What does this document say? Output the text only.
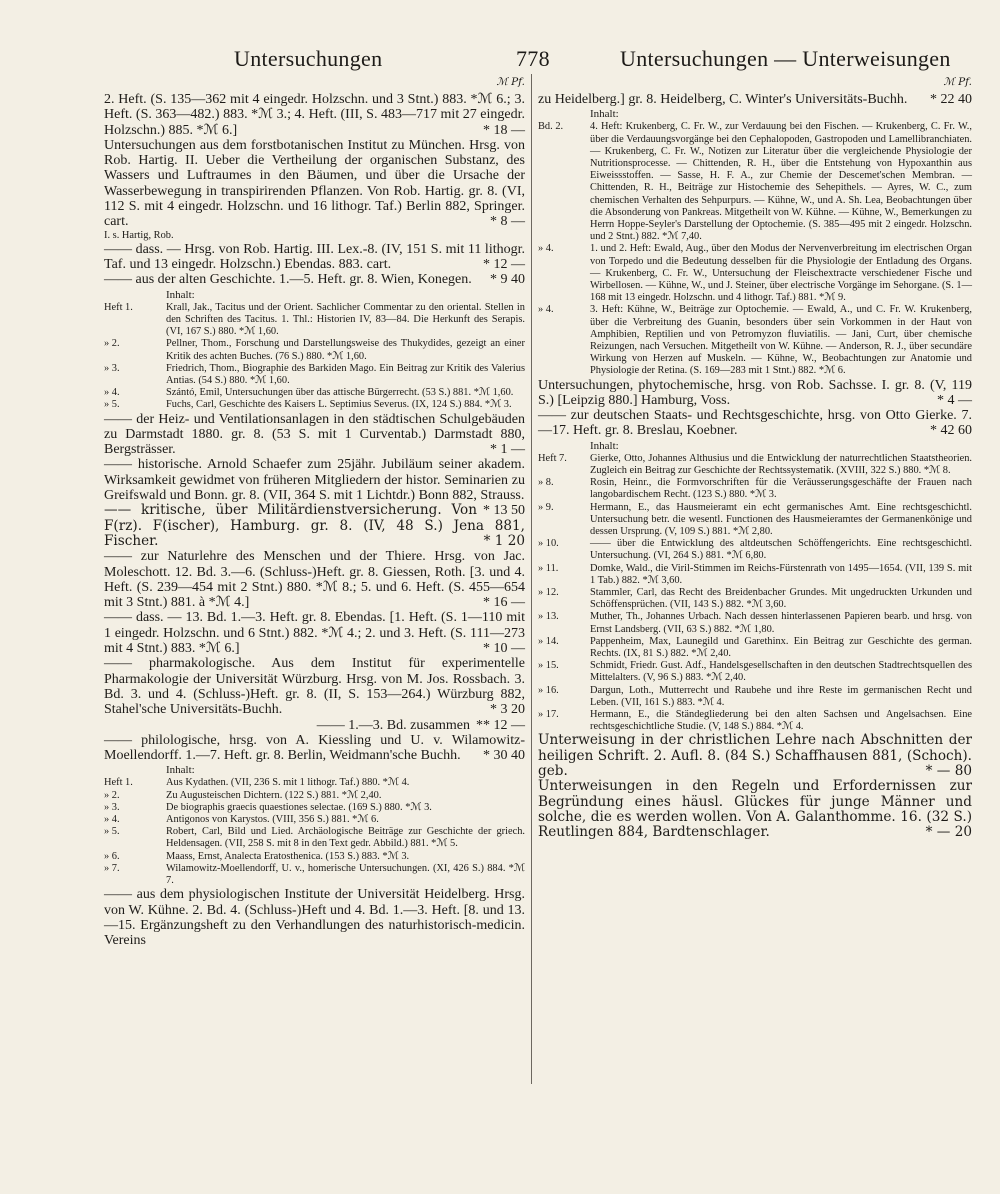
Untersuchungen	778	Untersuchungen — Unterweisungen
ℳ Pf.

2. Heft. (S. 135—362 mit 4 eingedr. Holzschn. und 3 Stnt.) 883. *ℳ 6.; 3. Heft. (S. 363—482.) 883. *ℳ 3.; 4. Heft. (III, S. 483—717 mit 27 eingedr. Holzschn.) 885. *ℳ 6.]	* 18 —

Untersuchungen aus dem forstbotanischen Institut zu München. Hrsg. von Rob. Hartig. II. Ueber die Vertheilung der organischen Substanz, des Wassers und Luftraumes in den Bäumen, und über die Ursache der Wasserbewegung in transpirirenden Pflanzen. Von Rob. Hartig. gr. 8. (VI, 112 S. mit 4 eingedr. Holzschn. und 16 lithogr. Taf.) Berlin 882, Springer. cart.	* 8 —

I. s. Hartig, Rob.

—— dass. — Hrsg. von Rob. Hartig. III. Lex.-8. (IV, 151 S. mit 11 lithogr. Taf. und 13 eingedr. Holzschn.) Ebendas. 883. cart.	* 12 —

—— aus der alten Geschichte. 1.—5. Heft. gr. 8. Wien, Konegen. * 9 40

Inhalt:

Heft 1.	Krall, Jak., Tacitus und der Orient. Sachlicher Commentar zu den oriental. Stellen in den Schriften des Tacitus. 1. Thl.: Historien IV, 83—84. Die Herkunft des Serapis. (VI, 167 S.) 880. *ℳ 1,60.

» 2.	Pellner, Thom., Forschung und Darstellungsweise des Thukydides, gezeigt an einer Kritik des achten Buches. (76 S.) 880. *ℳ 1,60.

» 3.	Friedrich, Thom., Biographie des Barkiden Mago. Ein Beitrag zur Kritik des Valerius Antias. (54 S.) 880. *ℳ 1,60.

» 4.	Szántó, Emil, Untersuchungen über das attische Bürgerrecht. (53 S.) 881. *ℳ 1,60.

» 5.	Fuchs, Carl, Geschichte des Kaisers L. Septimius Severus. (IX, 124 S.) 884. *ℳ 3.

—— der Heiz- und Ventilationsanlagen in den städtischen Schulgebäuden zu Darmstadt 1880. gr. 8. (53 S. mit 1 Curventab.) Darmstadt 880, Bergsträsser.	* 1 —

—— historische. Arnold Schaefer zum 25jähr. Jubiläum seiner akadem. Wirksamkeit gewidmet von früheren Mitgliedern der histor. Seminarien zu Greifswald und Bonn. gr. 8. (VII, 364 S. mit 1 Lichtdr.) Bonn 882, Strauss.
* 13 50

—— kritische, über Militärdienstversicherung. Von F(rz). F(ischer), Hamburg. gr. 8. (IV, 48 S.) Jena 881, Fischer.	* 1 20

—— zur Naturlehre des Menschen und der Thiere. Hrsg. von Jac. Moleschott. 12. Bd. 3.—6. (Schluss-)Heft. gr. 8. Giessen, Roth. [3. und 4. Heft. (S. 239—454 mit 2 Stnt.) 880. *ℳ 8.; 5. und 6. Heft. (S. 455—654 mit 3 Stnt.) 881. à *ℳ 4.]	* 16 —

—— dass. — 13. Bd. 1.—3. Heft. gr. 8. Ebendas. [1. Heft. (S. 1—110 mit 1 eingedr. Holzschn. und 6 Stnt.) 882. *ℳ 4.; 2. und 3. Heft. (S. 111—273 mit 4 Stnt.) 883. *ℳ 6.]	* 10 —

—— pharmakologische. Aus dem Institut für experimentelle Pharmakologie der Universität Würzburg. Hrsg. von M. Jos. Rossbach. 3. Bd. 3. und 4. (Schluss-)Heft. gr. 8. (II, S. 153—264.) Würzburg 882, Stahel'sche Universitäts-Buchh.	* 3 20

—— 1.—3. Bd. zusammen ** 12 —

—— philologische, hrsg. von A. Kiessling und U. v. Wilamowitz-Moellendorff. 1.—7. Heft. gr. 8. Berlin, Weidmann'sche Buchh. * 30 40

Inhalt:

Heft 1.	Aus Kydathen. (VII, 236 S. mit 1 lithogr. Taf.) 880. *ℳ 4.

» 2.	Zu Augusteischen Dichtern. (122 S.) 881. *ℳ 2,40.

» 3.	De biographis graecis quaestiones selectae. (169 S.) 880. *ℳ 3.

» 4.	Antigonos von Karystos. (VIII, 356 S.) 881. *ℳ 6.

» 5.	Robert, Carl, Bild und Lied. Archäologische Beiträge zur Geschichte der griech. Heldensagen. (VII, 258 S. mit 8 in den Text gedr. Abbild.) 881. *ℳ 5.

» 6.	Maass, Ernst, Analecta Eratosthenica. (153 S.) 883. *ℳ 3.

» 7.	Wilamowitz-Moellendorff, U. v., homerische Untersuchungen. (XI, 426 S.) 884. *ℳ 7.

—— aus dem physiologischen Institute der Universität Heidelberg. Hrsg. von W. Kühne. 2. Bd. 4. (Schluss-)Heft und 4. Bd. 1.—3. Heft. [8. und 13.—15. Ergänzungsheft zu den Verhandlungen des naturhistorisch-medicin. Vereins

ℳ Pf.

zu Heidelberg.] gr. 8. Heidelberg, C. Winter's Universitäts-Buchh. * 22 40

Inhalt:

Bd. 2.	4. Heft: Krukenberg, C. Fr. W., zur Verdauung bei den Fischen. — Krukenberg, C. Fr. W., über die Verdauungsvorgänge bei den Cephalopoden, Gastropoden und Lamellibranchiaten. — Krukenberg, C. Fr. W., Notizen zur Literatur über die vergleichende Physiologie der Nutritionsprocesse. — Chittenden, R. H., über die Entstehung von Hypoxanthin aus Eiweissstoffen. — Sasse, H. F. A., zur Chemie der Descemet'schen Membran. — Chittenden, R. H., Beiträge zur Histochemie des Sehepithels. — Ayres, W. C., zum chemischen Verhalten des Sehpurpurs. — Kühne, W., und A. Sh. Lea, Beobachtungen über die Absonderung von Pankreas. Mitgetheilt von W. Kühne. — Kühne, W., Bemerkungen zu Herrn Hoppe-Seyler's Darstellung der Optochemie. (S. 385—495 mit 2 eingedr. Holzschn. und 2 Stnt.) 882. *ℳ 7,40.

» 4.	1. und 2. Heft: Ewald, Aug., über den Modus der Nervenverbreitung im electrischen Organ von Torpedo und die Bedeutung desselben für die Physiologie der Entladung des Organs. — Krukenberg, C. Fr. W., Untersuchung der Fleischextracte verschiedener Fische und Wirbellosen. — Kühne, W., und J. Steiner, über electrische Vorgänge im Sehorgane. (S. 1—168 mit 13 eingedr. Holzschn. und 4 lithogr. Taf.) 881. *ℳ 9.

» 4.	3. Heft: Kühne, W., Beiträge zur Optochemie. — Ewald, A., und C. Fr. W. Krukenberg, über die Verbreitung des Guanin, besonders über sein Vorkommen in der Haut von Amphibien, Reptilien und von Petromyzon fluviatilis. — Jani, Curt, über chemische Reizungen, nach Versuchen. Mitgetheilt von W. Kühne. — Anderson, R. J., über secundäre Wirkung von Herzen auf Muskeln. — Kühne, W., Beobachtungen zur Anatomie und Physiologie der Retina. (S. 169—283 mit 1 Stnt.) 882. *ℳ 6.

Untersuchungen, phytochemische, hrsg. von Rob. Sachsse. I. gr. 8. (V, 119 S.) [Leipzig 880.] Hamburg, Voss.	* 4 —

—— zur deutschen Staats- und Rechtsgeschichte, hrsg. von Otto Gierke. 7.—17. Heft. gr. 8. Breslau, Koebner.	* 42 60

Inhalt:

Heft 7.	Gierke, Otto, Johannes Althusius und die Entwicklung der naturrechtlichen Staatstheorien. Zugleich ein Beitrag zur Geschichte der Rechtssystematik. (XVIII, 322 S.) 880. *ℳ 8.

» 8.	Rosin, Heinr., die Formvorschriften für die Veräusserungsgeschäfte der Frauen nach langobardischem Recht. (123 S.) 880. *ℳ 3.

» 9.	Hermann, E., das Hausmeieramt ein echt germanisches Amt. Eine rechtsgeschichtl. Untersuchung betr. die wesentl. Functionen des Hausmeieramtes der Germanenkönige und dessen Ursprung. (V, 109 S.) 881. *ℳ 2,80.

» 10.	—— über die Entwicklung des altdeutschen Schöffengerichts. Eine rechtsgeschichtl. Untersuchung. (VI, 264 S.) 881. *ℳ 6,80.

» 11.	Domke, Wald., die Viril-Stimmen im Reichs-Fürstenrath von 1495—1654. (VII, 139 S. mit 1 Tab.) 882. *ℳ 3,60.

» 12.	Stammler, Carl, das Recht des Breidenbacher Grundes. Mit ungedruckten Urkunden und Schöffensprüchen. (VII, 143 S.) 882. *ℳ 3,60.

» 13.	Muther, Th., Johannes Urbach. Nach dessen hinterlassenen Papieren bearb. und hrsg. von Ernst Landsberg. (VII, 63 S.) 882. *ℳ 1,80.

» 14.	Pappenheim, Max, Launegild und Garethinx. Ein Beitrag zur Geschichte des german. Rechts. (IX, 81 S.) 882. *ℳ 2,40.

» 15.	Schmidt, Friedr. Gust. Adf., Handelsgesellschaften in den deutschen Stadtrechtsquellen des Mittelalters. (V, 96 S.) 883. *ℳ 2,40.

» 16.	Dargun, Loth., Mutterrecht und Raubehe und ihre Reste im germanischen Recht und Leben. (VII, 161 S.) 883. *ℳ 4.

» 17.	Hermann, E., die Ständegliederung bei den alten Sachsen und Angelsachsen. Eine rechtsgeschichtliche Studie. (V, 148 S.) 884. *ℳ 4.

Unterweisung in der christlichen Lehre nach Abschnitten der heiligen Schrift. 2. Aufl. 8. (84 S.) Schaffhausen 881, (Schoch). geb.	* — 80

Unterweisungen in den Regeln und Erfordernissen zur Begründung eines häusl. Glückes für junge Männer und solche, die es werden wollen. Von A. Galanthomme. 16. (32 S.) Reutlingen 884, Bardtenschlager.	* — 20
